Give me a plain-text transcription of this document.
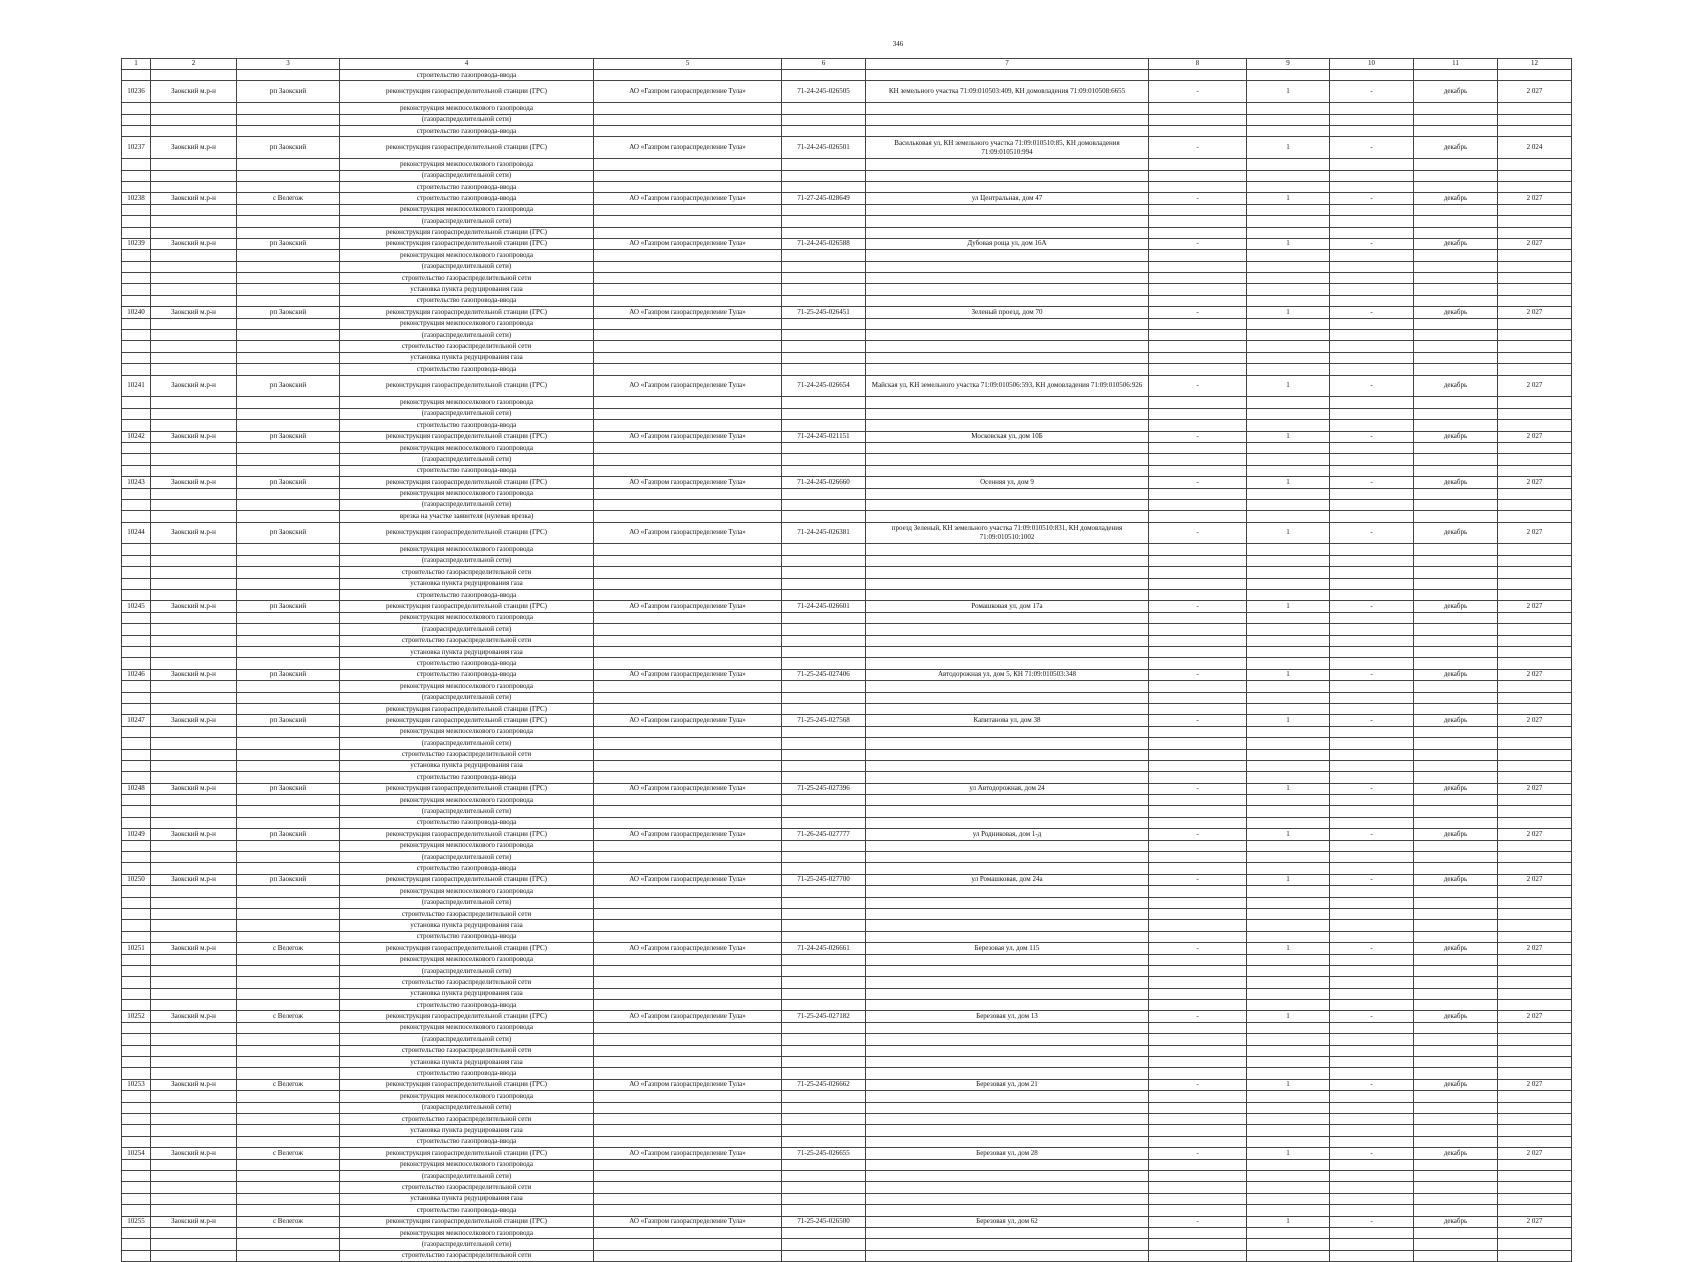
346
1	2	3	4	5	6	7	8	9	10	11	12
			строительство газопровода-ввода								
10236	Заокский м.р-н	рп Заокский	реконструкция газораспределительной станции (ГРС)	АО «Газпром газораспределение Тула»	71-24-245-026505	КН земельного участка 71:09:010503:409, КН домовладения 71:09:010508:6655	-	1	-	декабрь	2 027
			реконструкция межпоселкового газопровода								
			(газораспределительной сети)								
			строительство газопровода-ввода								
10237	Заокский м.р-н	рп Заокский	реконструкция газораспределительной станции (ГРС)	АО «Газпром газораспределение Тула»	71-24-245-026501	Васильковая ул, КН земельного участка 71:09:010510:85, КН домовладения 71:09:010510:994	-	1	-	декабрь	2 024
			реконструкция межпоселкового газопровода								
			(газораспределительной сети)								
			строительство газопровода-ввода								
10238	Заокский м.р-н	с Велегож	строительство газопровода-ввода	АО «Газпром газораспределение Тула»	71-27-245-028649	ул Центральная, дом 47	-	1	-	декабрь	2 027
			реконструкция межпоселкового газопровода								
			(газораспределительной сети)								
			реконструкция газораспределительной станции (ГРС)								
10239	Заокский м.р-н	рп Заокский	реконструкция газораспределительной станции (ГРС)	АО «Газпром газораспределение Тула»	71-24-245-026588	Дубовая роща ул, дом 16А	-	1	-	декабрь	2 027
			реконструкция межпоселкового газопровода								
			(газораспределительной сети)								
			строительство газораспределительной сети								
			установка пункта редуцирования газа								
			строительство газопровода-ввода								
10240	Заокский м.р-н	рп Заокский	реконструкция газораспределительной станции (ГРС)	АО «Газпром газораспределение Тула»	71-25-245-026451	Зеленый проезд, дом 70	-	1	-	декабрь	2 027
			реконструкция межпоселкового газопровода								
			(газораспределительной сети)								
			строительство газораспределительной сети								
			установка пункта редуцирования газа								
			строительство газопровода-ввода								
10241	Заокский м.р-н	рп Заокский	реконструкция газораспределительной станции (ГРС)	АО «Газпром газораспределение Тула»	71-24-245-026654	Майская ул, КН земельного участка 71:09:010506:593, КН домовладения 71:09:010506:926	-	1	-	декабрь	2 027
			реконструкция межпоселкового газопровода								
			(газораспределительной сети)								
			строительство газопровода-ввода								
10242	Заокский м.р-н	рп Заокский	реконструкция газораспределительной станции (ГРС)	АО «Газпром газораспределение Тула»	71-24-245-021151	Московская ул, дом 10Б	-	1	-	декабрь	2 027
			реконструкция межпоселкового газопровода								
			(газораспределительной сети)								
			строительство газопровода-ввода								
10243	Заокский м.р-н	рп Заокский	реконструкция газораспределительной станции (ГРС)	АО «Газпром газораспределение Тула»	71-24-245-026660	Осенняя ул, дом 9	-	1	-	декабрь	2 027
			реконструкция межпоселкового газопровода								
			(газораспределительной сети)								
			врезка на участке заявителя (нулевая врезка)								
10244	Заокский м.р-н	рп Заокский	реконструкция газораспределительной станции (ГРС)	АО «Газпром газораспределение Тула»	71-24-245-026381	проезд Зеленый, КН земельного участка 71:09:010510:831, КН домовладения 71:09:010510:1002	-	1	-	декабрь	2 027
			реконструкция межпоселкового газопровода								
			(газораспределительной сети)								
			строительство газораспределительной сети								
			установка пункта редуцирования газа								
			строительство газопровода-ввода								
10245	Заокский м.р-н	рп Заокский	реконструкция газораспределительной станции (ГРС)	АО «Газпром газораспределение Тула»	71-24-245-026601	Ромашковая ул, дом 17а	-	1	-	декабрь	2 027
			реконструкция межпоселкового газопровода								
			(газораспределительной сети)								
			строительство газораспределительной сети								
			установка пункта редуцирования газа								
			строительство газопровода-ввода								
10246	Заокский м.р-н	рп Заокский	строительство газопровода-ввода	АО «Газпром газораспределение Тула»	71-25-245-027406	Автодорожная ул, дом 5, КН 71:09:010503:348	-	1	-	декабрь	2 027
			реконструкция межпоселкового газопровода								
			(газораспределительной сети)								
			реконструкция газораспределительной станции (ГРС)								
10247	Заокский м.р-н	рп Заокский	реконструкция газораспределительной станции (ГРС)	АО «Газпром газораспределение Тула»	71-25-245-027568	Капитанова ул, дом 38	-	1	-	декабрь	2 027
			реконструкция межпоселкового газопровода								
			(газораспределительной сети)								
			строительство газораспределительной сети								
			установка пункта редуцирования газа								
			строительство газопровода-ввода								
10248	Заокский м.р-н	рп Заокский	реконструкция газораспределительной станции (ГРС)	АО «Газпром газораспределение Тула»	71-25-245-027396	ул Автодорожная, дом 24	-	1	-	декабрь	2 027
			реконструкция межпоселкового газопровода								
			(газораспределительной сети)								
			строительство газопровода-ввода								
10249	Заокский м.р-н	рп Заокский	реконструкция газораспределительной станции (ГРС)	АО «Газпром газораспределение Тула»	71-26-245-027777	ул Родниковая, дом 1-д	-	1	-	декабрь	2 027
			реконструкция межпоселкового газопровода								
			(газораспределительной сети)								
			строительство газопровода-ввода								
10250	Заокский м.р-н	рп Заокский	реконструкция газораспределительной станции (ГРС)	АО «Газпром газораспределение Тула»	71-25-245-027700	ул Ромашковая, дом 24а	-	1	-	декабрь	2 027
			реконструкция межпоселкового газопровода								
			(газораспределительной сети)								
			строительство газораспределительной сети								
			установка пункта редуцирования газа								
			строительство газопровода-ввода								
10251	Заокский м.р-н	с Велегож	реконструкция газораспределительной станции (ГРС)	АО «Газпром газораспределение Тула»	71-24-245-026661	Березовая ул, дом 115	-	1	-	декабрь	2 027
			реконструкция межпоселкового газопровода								
			(газораспределительной сети)								
			строительство газораспределительной сети								
			установка пункта редуцирования газа								
			строительство газопровода-ввода								
10252	Заокский м.р-н	с Велегож	реконструкция газораспределительной станции (ГРС)	АО «Газпром газораспределение Тула»	71-25-245-027182	Березовая ул, дом 13	-	1	-	декабрь	2 027
			реконструкция межпоселкового газопровода								
			(газораспределительной сети)								
			строительство газораспределительной сети								
			установка пункта редуцирования газа								
			строительство газопровода-ввода								
10253	Заокский м.р-н	с Велегож	реконструкция газораспределительной станции (ГРС)	АО «Газпром газораспределение Тула»	71-25-245-026662	Березовая ул, дом 21	-	1	-	декабрь	2 027
			реконструкция межпоселкового газопровода								
			(газораспределительной сети)								
			строительство газораспределительной сети								
			установка пункта редуцирования газа								
			строительство газопровода-ввода								
10254	Заокский м.р-н	с Велегож	реконструкция газораспределительной станции (ГРС)	АО «Газпром газораспределение Тула»	71-25-245-026655	Березовая ул, дом 28	-	1	-	декабрь	2 027
			реконструкция межпоселкового газопровода								
			(газораспределительной сети)								
			строительство газораспределительной сети								
			установка пункта редуцирования газа								
			строительство газопровода-ввода								
10255	Заокский м.р-н	с Велегож	реконструкция газораспределительной станции (ГРС)	АО «Газпром газораспределение Тула»	71-25-245-026500	Березовая ул, дом 62	-	1	-	декабрь	2 027
			реконструкция межпоселкового газопровода								
			(газораспределительной сети)								
			строительство газораспределительной сети								
